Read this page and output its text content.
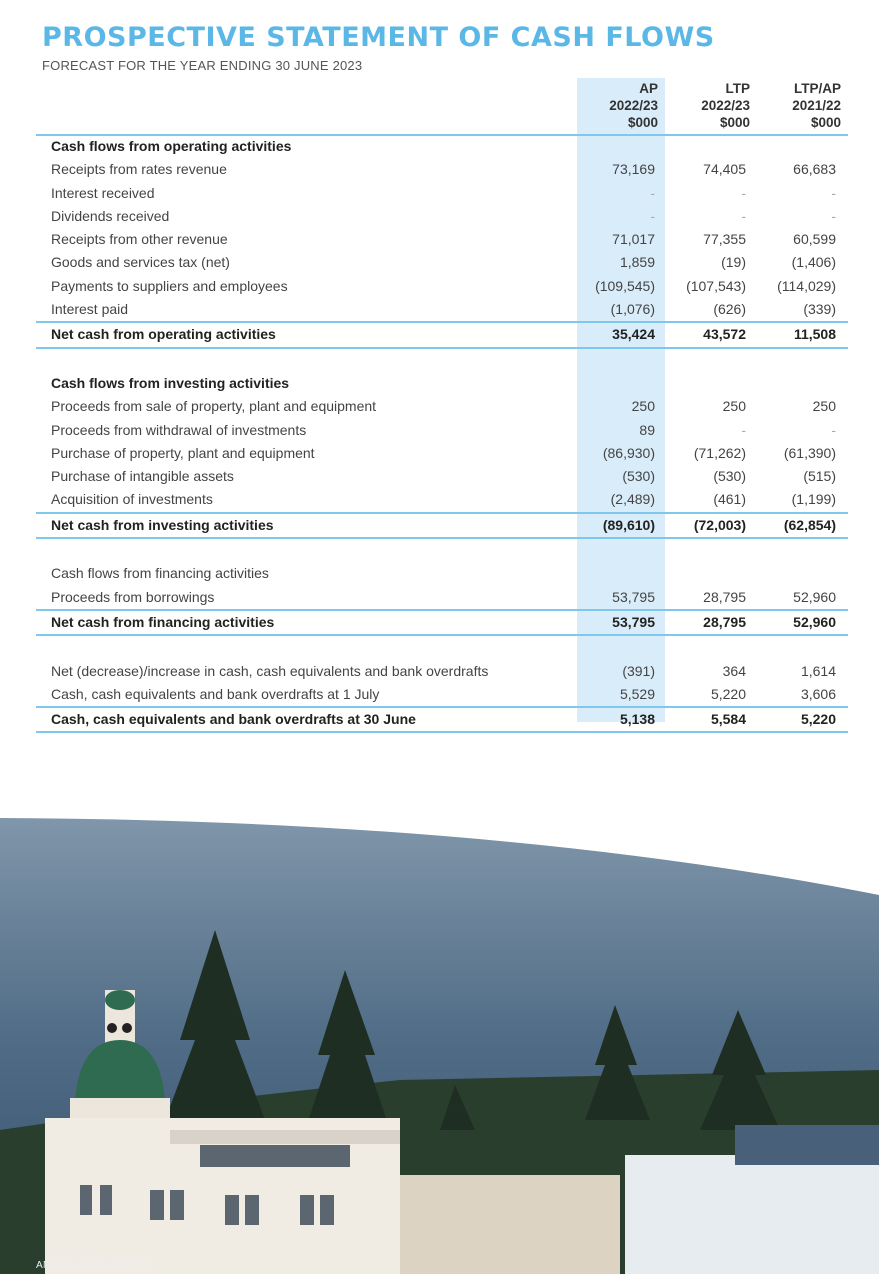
PROSPECTIVE STATEMENT OF CASH FLOWS
FORECAST FOR THE YEAR ENDING 30 JUNE 2023
AP
2022/23
$000
LTP
2022/23
$000
LTP/AP
2021/22
$000
Cash flows from operating activities
Receipts from rates revenue	73,169	74,405	66,683
Interest received	-	-	-
Dividends received	-	-	-
Receipts from other revenue	71,017	77,355	60,599
Goods and services tax (net)	1,859	(19)	(1,406)
Payments to suppliers and employees	(109,545)	(107,543)	(114,029)
Interest paid	(1,076)	(626)	(339)
Net cash from operating activities	35,424	43,572	11,508
Cash flows from investing activities
Proceeds from sale of property, plant and equipment	250	250	250
Proceeds from withdrawal of investments	89	-	-
Purchase of property, plant and equipment	(86,930)	(71,262)	(61,390)
Purchase of intangible assets	(530)	(530)	(515)
Acquisition of investments	(2,489)	(461)	(1,199)
Net cash from investing activities	(89,610)	(72,003)	(62,854)
Cash flows from financing activities
Proceeds from borrowings	53,795	28,795	52,960
Net cash from financing activities	53,795	28,795	52,960
Net (decrease)/increase in cash, cash equivalents and bank overdrafts	(391)	364	1,614
Cash, cash equivalents and bank overdrafts at 1 July	5,529	5,220	3,606
Cash, cash equivalents and bank overdrafts at 30 June	5,138	5,584	5,220
ANNUAL PLAN 2022/23
